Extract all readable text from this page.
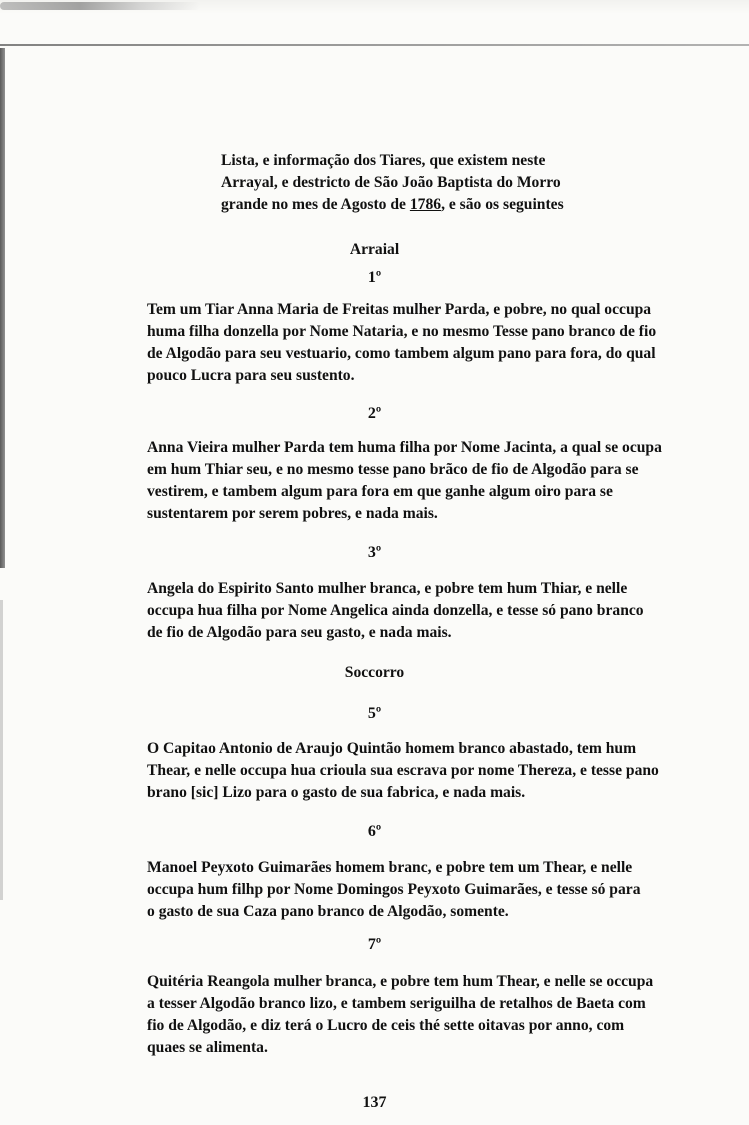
Lista, e informação dos Tiares, que existem neste
Arrayal, e destricto de São João Baptista do Morro
grande no mes de Agosto de 1786, e são os seguintes
Arraial
1º
Tem um Tiar Anna Maria de Freitas mulher Parda, e pobre, no qual occupa
huma filha donzella por Nome Nataria, e no mesmo Tesse pano branco de fio
de Algodão para seu vestuario, como tambem algum pano para fora, do qual
pouco Lucra para seu sustento.
2º
Anna Vieira mulher Parda tem huma filha por Nome Jacinta, a qual se ocupa
em hum Thiar seu, e no mesmo tesse pano brãco de fio de Algodão para se
vestirem, e tambem algum para fora em que ganhe algum oiro para se
sustentarem por serem pobres, e nada mais.
3º
Angela do Espirito Santo mulher branca, e pobre tem hum Thiar, e nelle
occupa hua filha por Nome Angelica ainda donzella, e tesse só pano branco
de fio de Algodão para seu gasto, e nada mais.
Soccorro
5º
O Capitao Antonio de Araujo Quintão homem branco abastado, tem hum
Thear, e nelle occupa hua crioula sua escrava por nome Thereza, e tesse pano
brano [sic] Lizo para o gasto de sua fabrica, e nada mais.
6º
Manoel Peyxoto Guimarães homem branc, e pobre tem um Thear, e nelle
occupa hum filhp por Nome Domingos Peyxoto Guimarães, e tesse só para
o gasto de sua Caza pano branco de Algodão, somente.
7º
Quitéria Reangola mulher branca, e pobre tem hum Thear, e nelle se occupa
a tesser Algodão branco lizo, e tambem seriguilha de retalhos de Baeta com
fio de Algodão, e diz terá o Lucro de ceis thé sette oitavas por anno, com
quaes se alimenta.
137
